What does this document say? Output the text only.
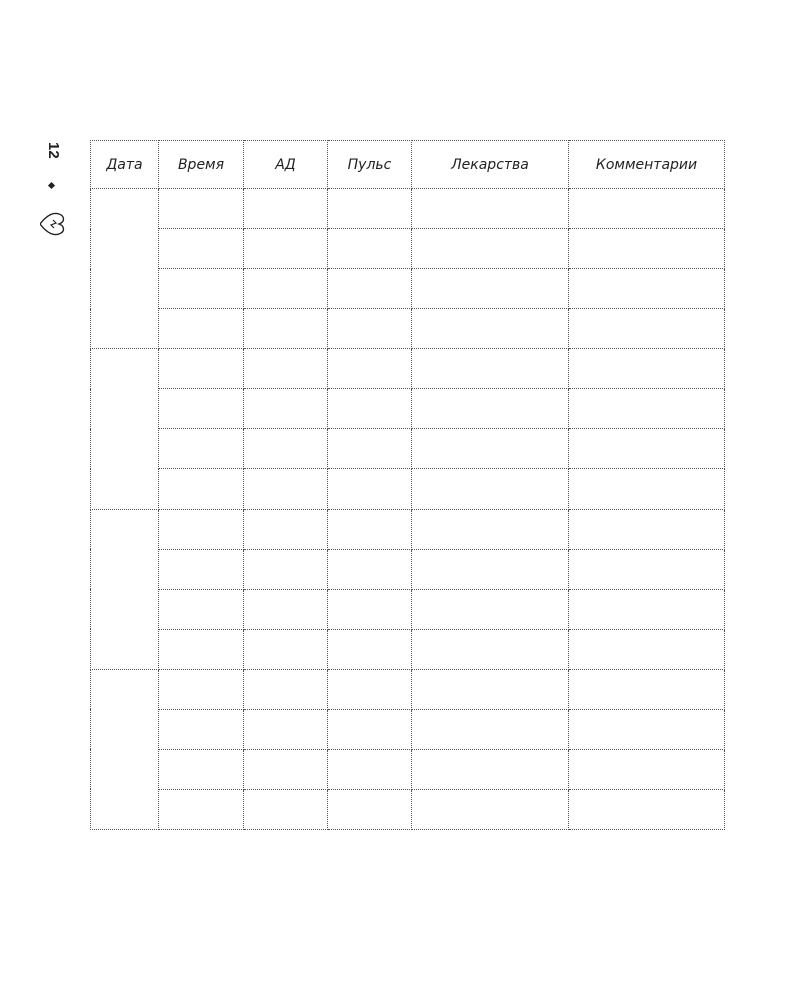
12
Дата	Время	АД	Пульс	Лекарства	Комментарии
